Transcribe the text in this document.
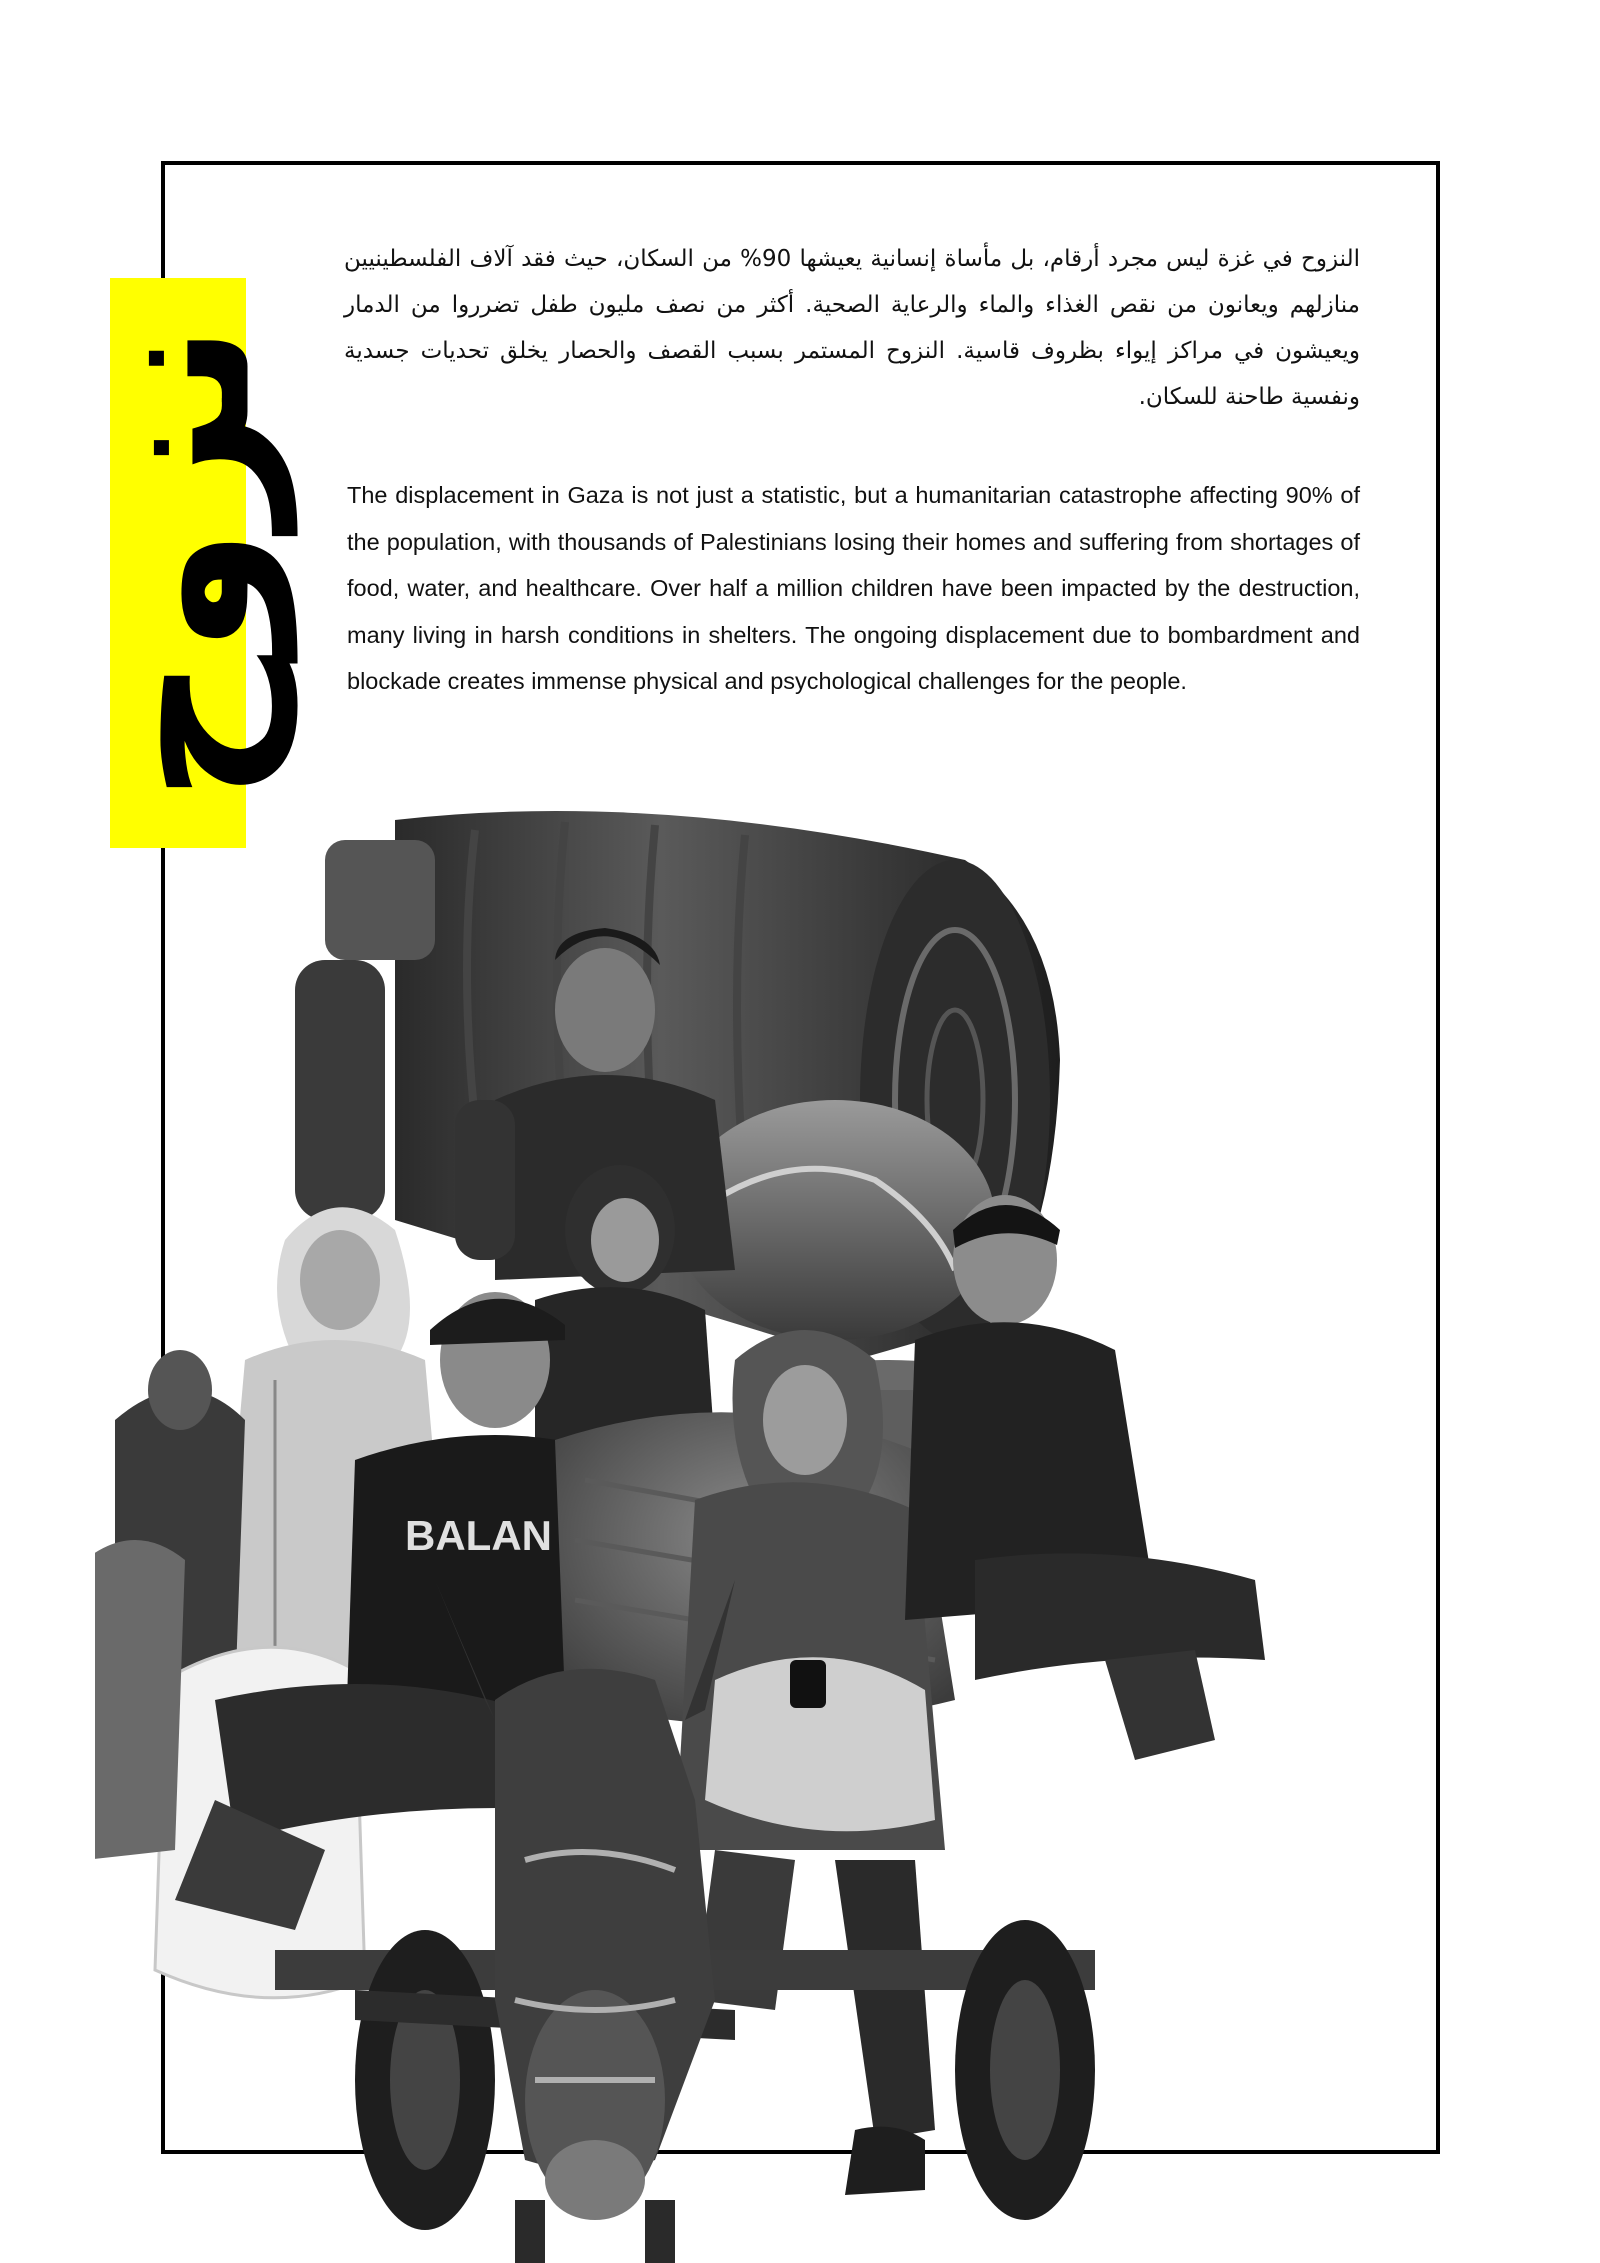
نزوح

النزوح في غزة ليس مجرد أرقام، بل مأساة إنسانية يعيشها 90% من السكان، حيث فقد آلاف الفلسطينيين منازلهم ويعانون من نقص الغذاء والماء والرعاية الصحية. أكثر من نصف مليون طفل تضرروا من الدمار ويعيشون في مراكز إيواء بظروف قاسية. النزوح المستمر بسبب القصف والحصار يخلق تحديات جسدية ونفسية طاحنة للسكان.

The displacement in Gaza is not just a statistic, but a humanitarian catastrophe affecting 90% of the population, with thousands of Palestinians losing their homes and suffering from shortages of food, water, and healthcare. Over half a million children have been impacted by the destruction, many living in harsh conditions in shelters. The ongoing displacement due to bombardment and blockade creates immense physical and psychological challenges for the people.

BALAN
